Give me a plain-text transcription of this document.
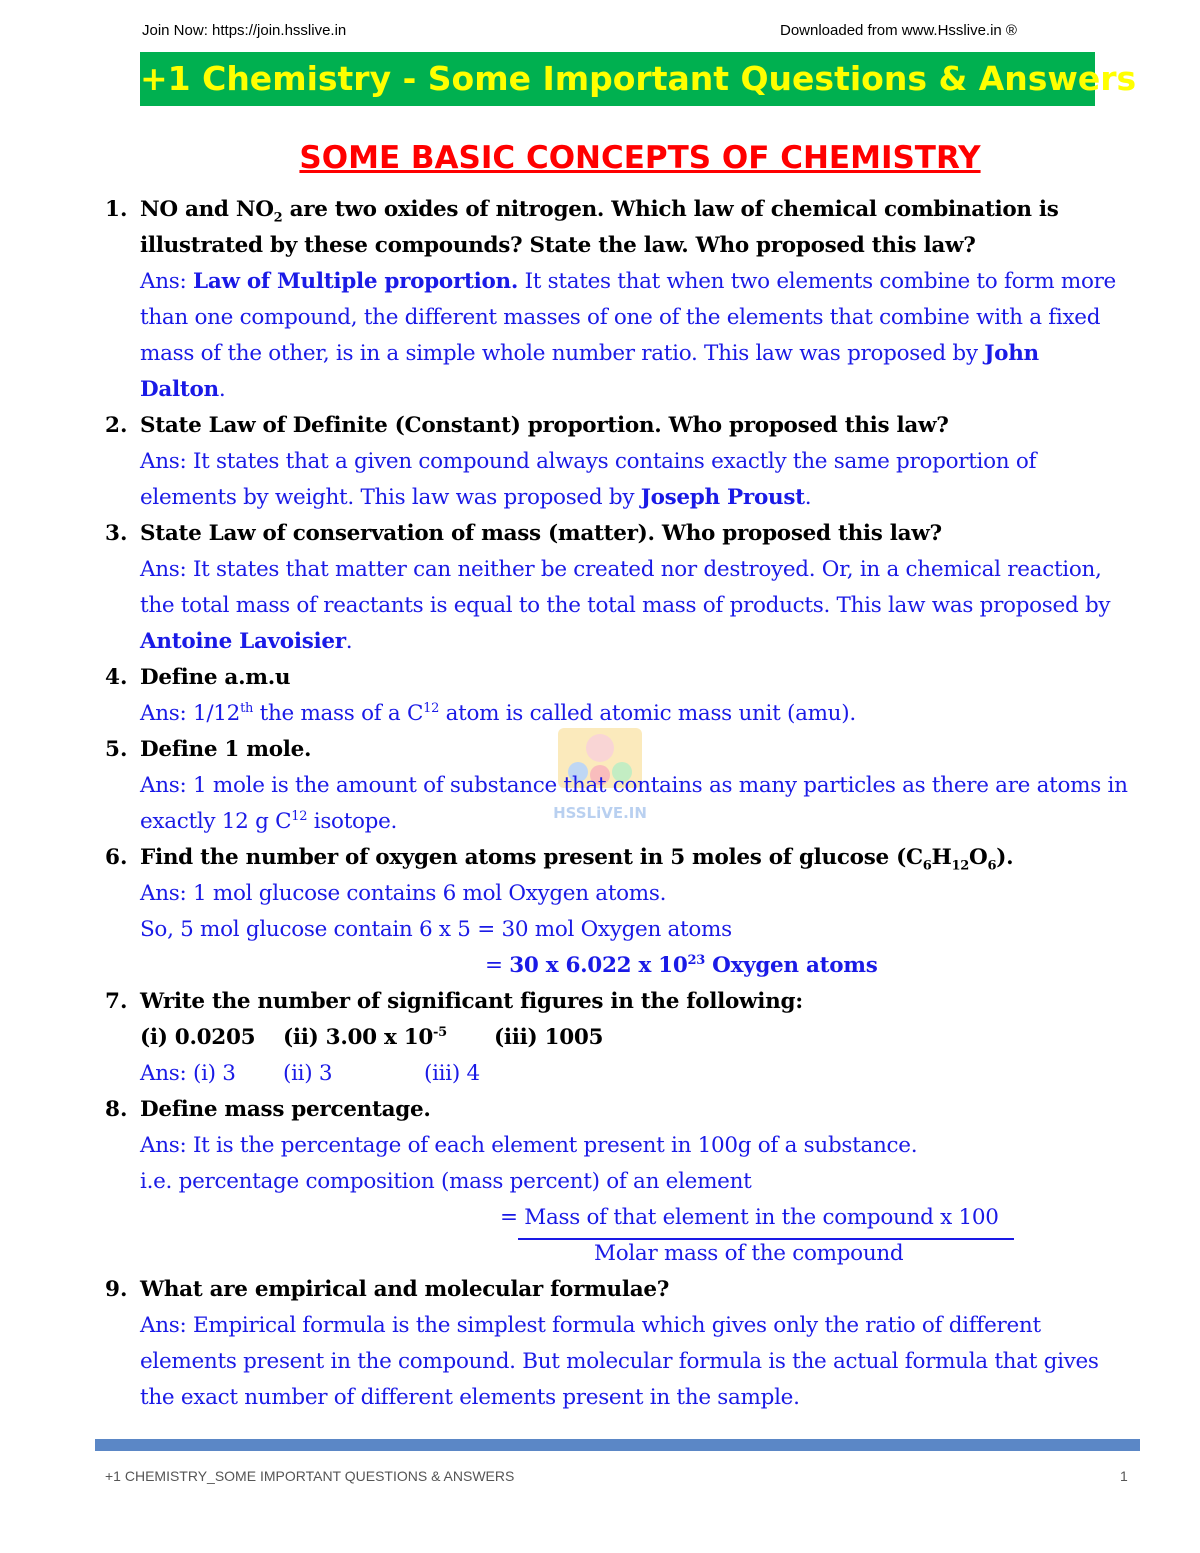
Join Now: https://join.hsslive.in	Downloaded from www.Hsslive.in ®
+1 Chemistry - Some Important Questions & Answers
SOME BASIC CONCEPTS OF CHEMISTRY
HSSLiVE.IN
1. NO and $NO_2$ are two oxides of nitrogen. Which law of chemical combination is
illustrated by these compounds? State the law. Who proposed this law?
Ans: Law of Multiple proportion. It states that when two elements combine to form more
than one compound, the different masses of one of the elements that combine with a fixed
mass of the other, is in a simple whole number ratio. This law was proposed by John
Dalton.
2. State Law of Definite (Constant) proportion. Who proposed this law?
Ans: It states that a given compound always contains exactly the same proportion of
elements by weight. This law was proposed by Joseph Proust.
3. State Law of conservation of mass (matter). Who proposed this law?
Ans: It states that matter can neither be created nor destroyed. Or, in a chemical reaction,
the total mass of reactants is equal to the total mass of products. This law was proposed by
Antoine Lavoisier.
4. Define a.m.u
Ans: 1/12th the mass of a $C^{12}$ atom is called atomic mass unit (amu).
5. Define 1 mole.
Ans: 1 mole is the amount of substance that contains as many particles as there are atoms in
exactly 12 g $C^{12}$ isotope.
6. Find the number of oxygen atoms present in 5 moles of glucose $(C_6H_{12}O_6)$.
Ans: 1 mol glucose contains 6 mol Oxygen atoms.
So, 5 mol glucose contain 6 x 5 = 30 mol Oxygen atoms
= 30 x 6.022 x $10^{23}$ Oxygen atoms
7. Write the number of significant figures in the following:
(i) 0.0205 (ii) 3.00 x $10^{-5}$ (iii) 1005
Ans: (i) 3 (ii) 3	(iii) 4
8. Define mass percentage.
Ans: It is the percentage of each element present in 100g of a substance.
i.e. percentage composition (mass percent) of an element
= Mass of that element in the compound x 100
Molar mass of the compound
9. What are empirical and molecular formulae?
Ans: Empirical formula is the simplest formula which gives only the ratio of different
elements present in the compound. But molecular formula is the actual formula that gives
the exact number of different elements present in the sample.
+1 CHEMISTRY_SOME IMPORTANT QUESTIONS & ANSWERS	1
